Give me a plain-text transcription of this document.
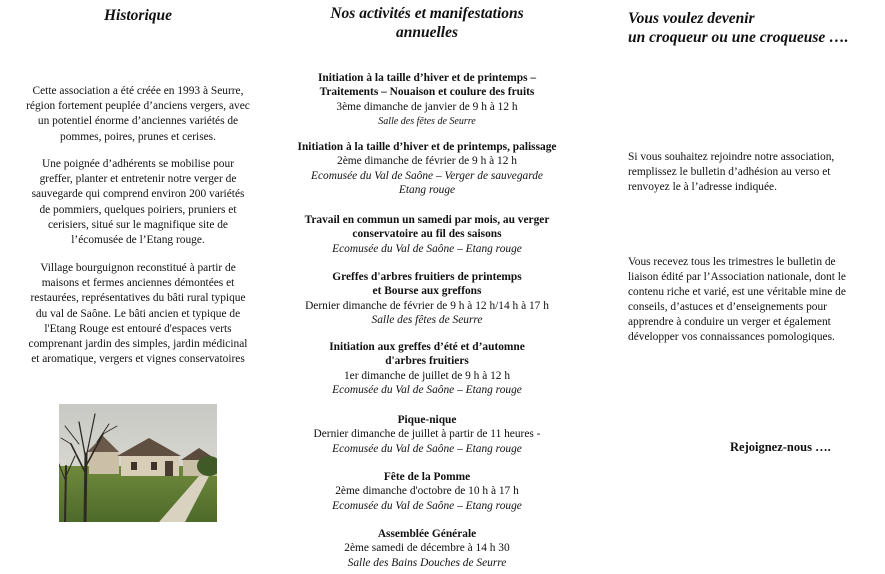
Historique

Cette association a été créée en 1993 à Seurre,
région fortement peuplée d’anciens vergers, avec
un potentiel énorme d’anciennes variétés de
pommes, poires, prunes et cerises.

Une poignée d’adhérents se mobilise pour
greffer, planter et entretenir notre verger de
sauvegarde qui comprend environ 200 variétés
de pommiers, quelques poiriers, pruniers et
cerisiers, situé sur le magnifique site de
l’écomusée de l’Etang rouge.

Village bourguignon reconstitué à partir de
maisons et fermes anciennes démontées et
restaurées, représentatives du bâti rural typique
du val de Saône. Le bâti ancien et typique de
l'Etang Rouge est entouré d'espaces verts
comprenant jardin des simples, jardin médicinal
et aromatique, vergers et vignes conservatoires

Nos activités et manifestations
annuelles
Initiation à la taille d’hiver et de printemps –
Traitements – Nouaison et coulure des fruits
3ème dimanche de janvier de 9 h à 12 h
Salle des fêtes de Seurre
Initiation à la taille d’hiver et de printemps, palissage
2ème dimanche de février de 9 h à 12 h
Ecomusée du Val de Saône – Verger de sauvegarde
Etang rouge
Travail en commun un samedi par mois, au verger
conservatoire au fil des saisons
Ecomusée du Val de Saône – Etang rouge
Greffes d'arbres fruitiers de printemps
et Bourse aux greffons
Dernier dimanche de février de 9 h à 12 h/14 h à 17 h
Salle des fêtes de Seurre
Initiation aux greffes d’été et d’automne
d'arbres fruitiers
1er dimanche de juillet de 9 h à 12 h
Ecomusée du Val de Saône – Etang rouge
Pique-nique
Dernier dimanche de juillet à partir de 11 heures -
Ecomusée du Val de Saône – Etang rouge
Fête de la Pomme
2ème dimanche d'octobre de 10 h à 17 h
Ecomusée du Val de Saône – Etang rouge
Assemblée Générale
2ème samedi de décembre à 14 h 30
Salle des Bains Douches de Seurre
Vous voulez devenir
un croqueur ou une croqueuse ….

Si vous souhaitez rejoindre notre association,
remplissez le bulletin d’adhésion au verso et
renvoyez le à l’adresse indiquée.

Vous recevez tous les trimestres le bulletin de
liaison édité par l’Association nationale, dont le
contenu riche et varié, est une véritable mine de
conseils, d’astuces et d’enseignements pour
apprendre à conduire un verger et également
développer vos connaissances pomologiques.

Rejoignez-nous ….
